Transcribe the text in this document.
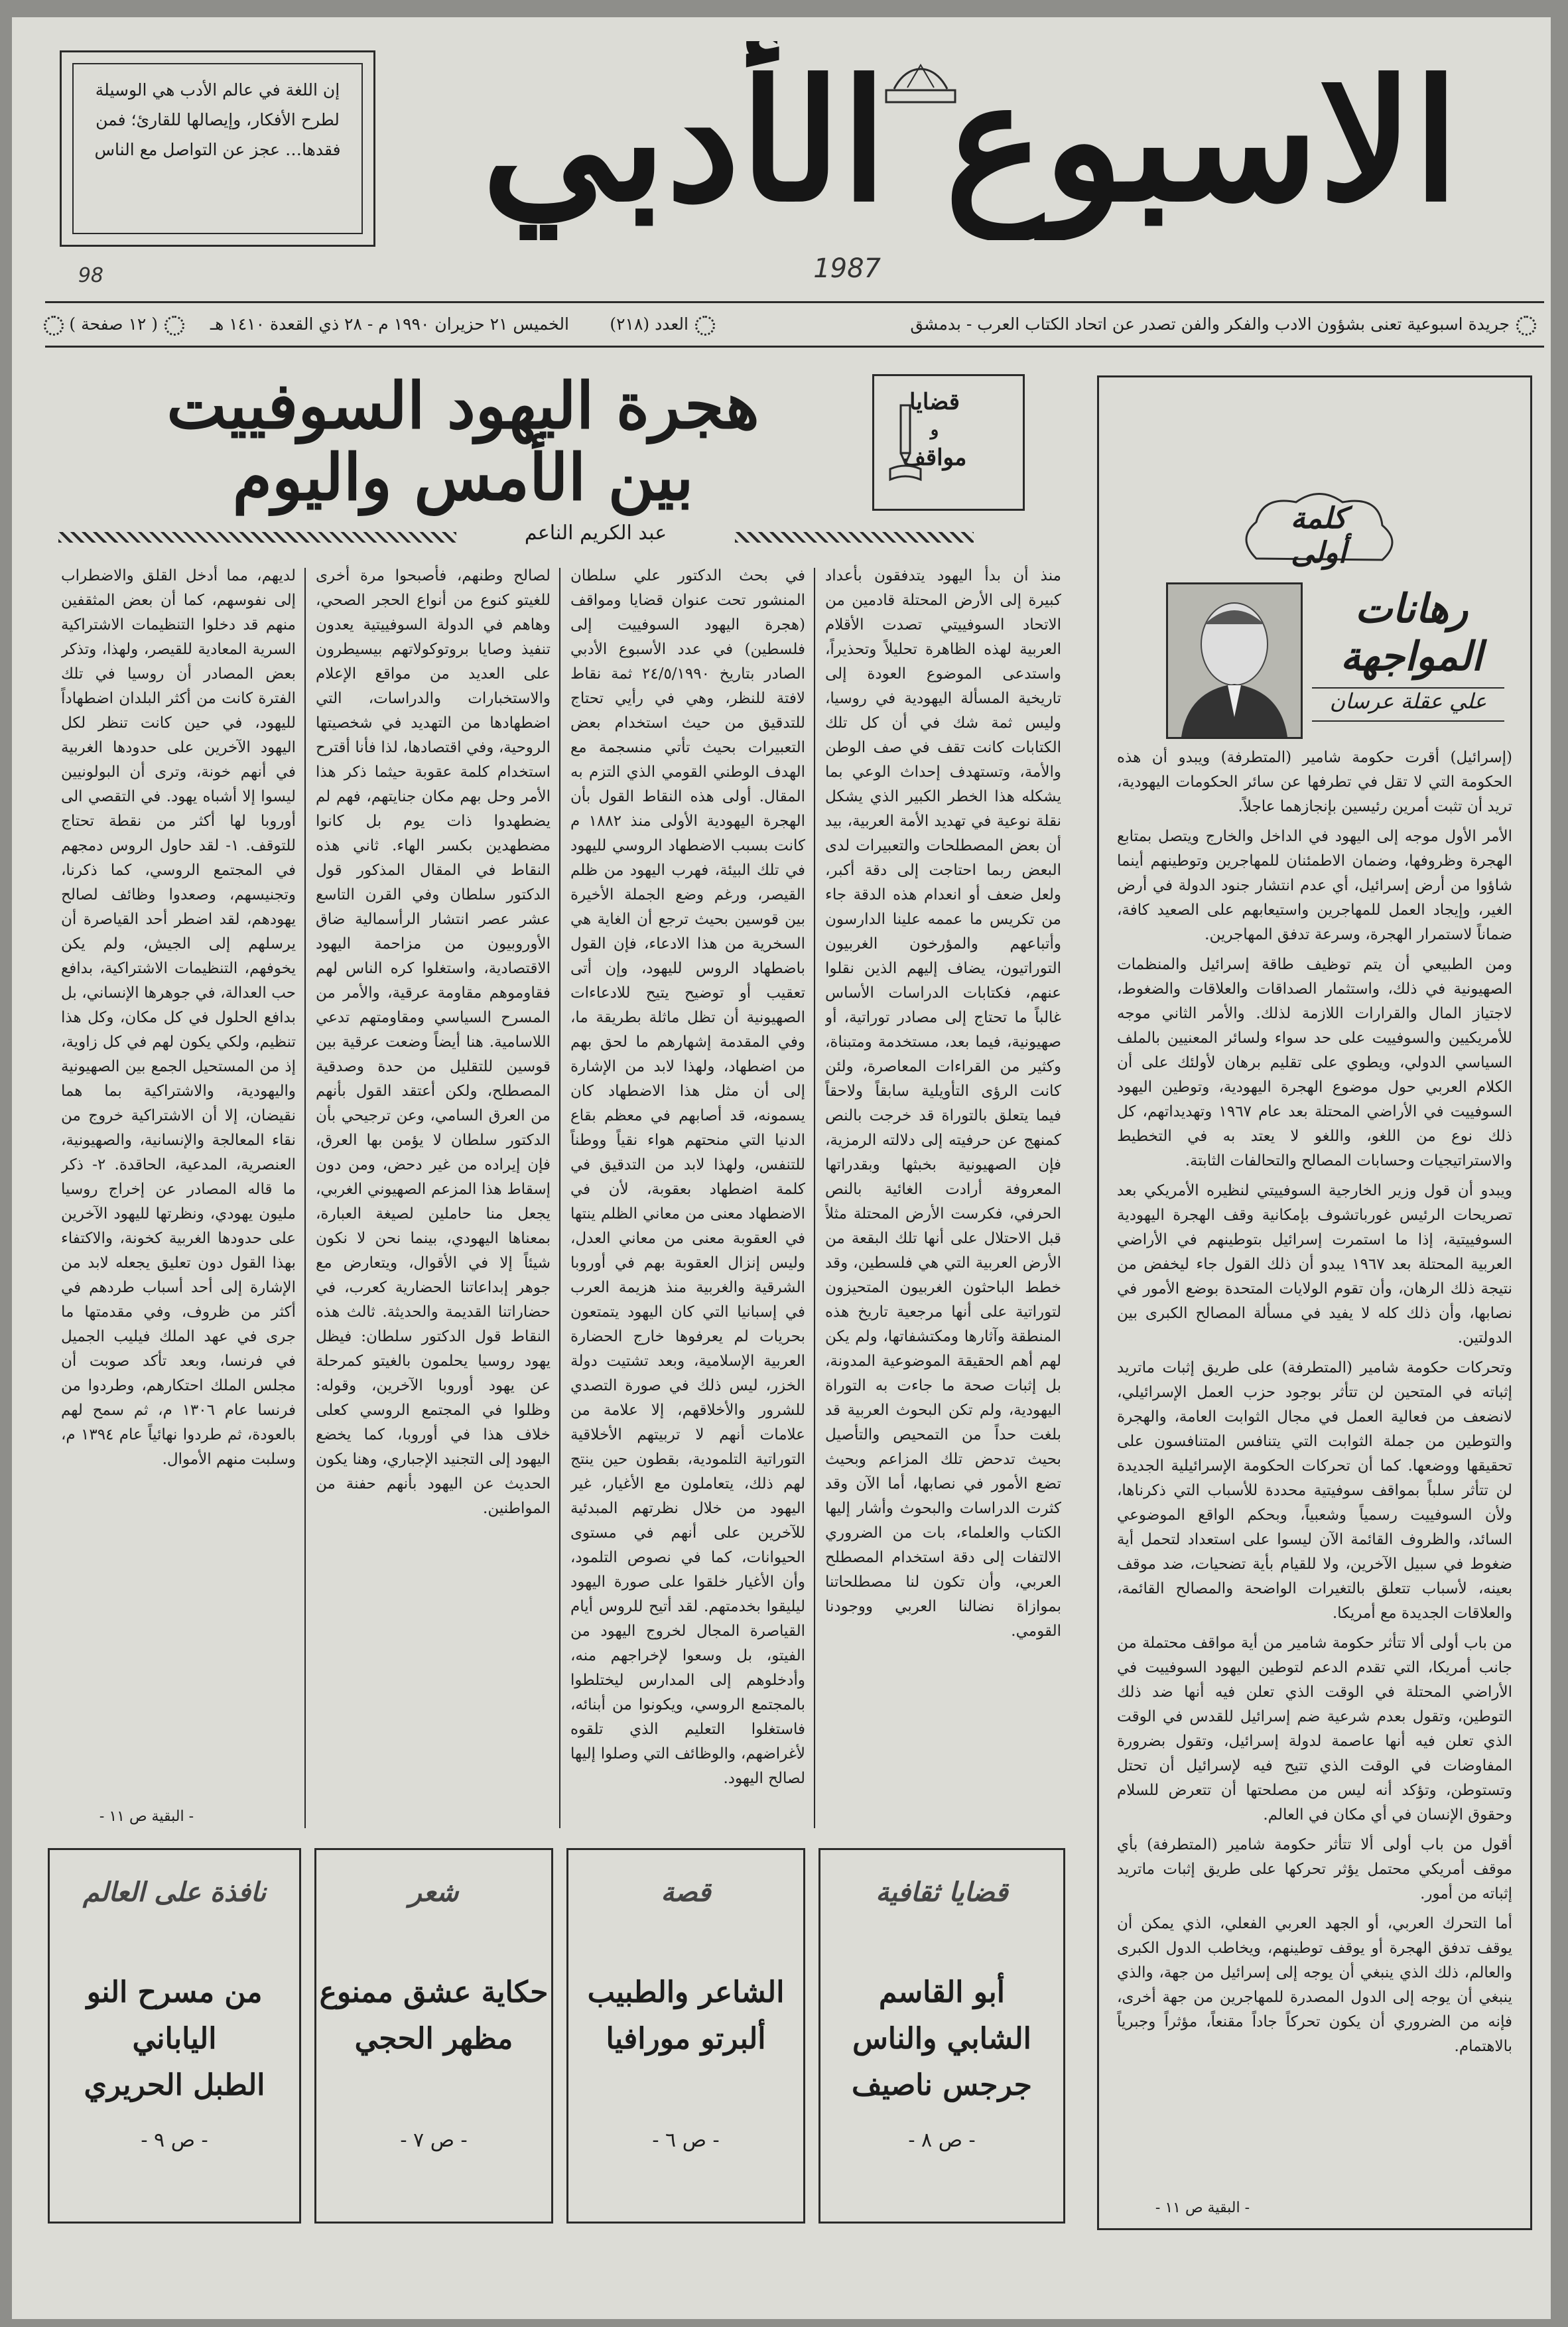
الاسبوع الأدبي
إن اللغة في عالم الأدب هي الوسيلة لطرح الأفكار، وإيصالها للقارئ؛ فمن فقدها… عجز عن التواصل مع الناس
1987
98
جريدة اسبوعية تعنى بشؤون الادب والفكر والفن تصدر عن اتحاد الكتاب العرب - بدمشق
العدد (٢١٨)
الخميس ٢١ حزيران ١٩٩٠ م - ٢٨ ذي القعدة ١٤١٠ هـ
( ١٢ صفحة )
قضايا
و
مواقف
هجرة اليهود السوفييت
بين الأمس واليوم
عبد الكريم الناعم
منذ أن بدأ اليهود يتدفقون بأعداد كبيرة إلى الأرض المحتلة قادمين من الاتحاد السوفييتي تصدت الأقلام العربية لهذه الظاهرة تحليلاً وتحذيراً، واستدعى الموضوع العودة إلى تاريخية المسألة اليهودية في روسيا، وليس ثمة شك في أن كل تلك الكتابات كانت تقف في صف الوطن والأمة، وتستهدف إحداث الوعي بما يشكله هذا الخطر الكبير الذي يشكل نقلة نوعية في تهديد الأمة العربية، بيد أن بعض المصطلحات والتعبيرات لدى البعض ربما احتاجت إلى دقة أكبر، ولعل ضعف أو انعدام هذه الدقة جاء من تكريس ما عممه علينا الدارسون وأتباعهم والمؤرخون الغربيون التوراتيون، يضاف إليهم الذين نقلوا عنهم، فكتابات الدراسات الأساس غالباً ما تحتاج إلى مصادر توراتية، أو صهيونية، فيما بعد، مستخدمة ومتبناة، وكثير من القراءات المعاصرة، ولئن كانت الرؤى التأويلية سابقاً ولاحقاً فيما يتعلق بالتوراة قد خرجت بالنص كمنهج عن حرفيته إلى دلالته الرمزية، فإن الصهيونية بخبثها وبقدراتها المعروفة أرادت الغائية بالنص الحرفي، فكرست الأرض المحتلة مثلاً قبل الاحتلال على أنها تلك البقعة من الأرض العربية التي هي فلسطين، وقد خطط الباحثون الغربيون المتحيزون لتوراتية على أنها مرجعية تاريخ هذه المنطقة وآثارها ومكتشفاتها، ولم يكن لهم أهم الحقيقة الموضوعية المدونة، بل إثبات صحة ما جاءت به التوراة اليهودية، ولم تكن البحوث العربية قد بلغت حداً من التمحيص والتأصيل بحيث تدحض تلك المزاعم وبحيث تضع الأمور في نصابها، أما الآن وقد كثرت الدراسات والبحوث وأشار إليها الكتاب والعلماء، بات من الضروري الالتفات إلى دقة استخدام المصطلح العربي، وأن تكون لنا مصطلحاتنا بموازاة نضالنا العربي ووجودنا القومي.
في بحث الدكتور علي سلطان المنشور تحت عنوان قضايا ومواقف (هجرة اليهود السوفييت إلى فلسطين) في عدد الأسبوع الأدبي الصادر بتاريخ ٢٤/٥/١٩٩٠ ثمة نقاط لافتة للنظر، وهي في رأيي تحتاج للتدقيق من حيث استخدام بعض التعبيرات بحيث تأتي منسجمة مع الهدف الوطني القومي الذي التزم به المقال. أولى هذه النقاط القول بأن الهجرة اليهودية الأولى منذ ١٨٨٢ م كانت بسبب الاضطهاد الروسي لليهود في تلك البيئة، فهرب اليهود من ظلم القيصر، ورغم وضع الجملة الأخيرة بين قوسين بحيث ترجع أن الغاية هي السخرية من هذا الادعاء، فإن القول باضطهاد الروس لليهود، وإن أتى تعقيب أو توضيح يتيح للادعاءات الصهيونية أن تظل ماثلة بطريقة ما، وفي المقدمة إشهارهم ما لحق بهم من اضطهاد، ولهذا لابد من الإشارة إلى أن مثل هذا الاضطهاد كان يسمونه، قد أصابهم في معظم بقاع الدنيا التي منحتهم هواء نقياً ووطناً للتنفس، ولهذا لابد من التدقيق في كلمة اضطهاد بعقوبة، لأن في الاضطهاد معنى من معاني الظلم ينتها في العقوبة معنى من معاني العدل، وليس إنزال العقوبة بهم في أوروبا الشرقية والغربية منذ هزيمة العرب في إسبانيا التي كان اليهود يتمتعون بحريات لم يعرفوها خارج الحضارة العربية الإسلامية، وبعد تشتيت دولة الخزر، ليس ذلك في صورة التصدي للشرور والأخلاقهم، إلا علامة من علامات أنهم لا تربيتهم الأخلاقية التوراتية التلمودية، بقطون حين ينتج لهم ذلك، يتعاملون مع الأغيار، غير اليهود من خلال نظرتهم المبدئية للآخرين على أنهم في مستوى الحيوانات، كما في نصوص التلمود، وأن الأغيار خلقوا على صورة اليهود ليليقوا بخدمتهم. لقد أتيح للروس أيام القياصرة المجال لخروج اليهود من الفيتو، بل وسعوا لإخراجهم منه، وأدخلوهم إلى المدارس ليختلطوا بالمجتمع الروسي، ويكونوا من أبنائه، فاستغلوا التعليم الذي تلقوه لأغراضهم، والوظائف التي وصلوا إليها لصالح اليهود.
لصالح وطنهم، فأصبحوا مرة أخرى للغيتو كنوع من أنواع الحجر الصحي، وهاهم في الدولة السوفييتية يعدون تنفيذ وصايا بروتوكولاتهم بيسيطرون على العديد من مواقع الإعلام والاستخبارات والدراسات، التي اضطهادها من التهديد في شخصيتها الروحية، وفي اقتصادها، لذا فأنا أقترح استخدام كلمة عقوبة حيثما ذكر هذا الأمر وحل بهم مكان جنايتهم، فهم لم يضطهدوا ذات يوم بل كانوا مضطهدين بكسر الهاء. ثاني هذه النقاط في المقال المذكور قول الدكتور سلطان وفي القرن التاسع عشر عصر انتشار الرأسمالية ضاق الأوروبيون من مزاحمة اليهود الاقتصادية، واستغلوا كره الناس لهم فقاوموهم مقاومة عرقية، والأمر من المسرح السياسي ومقاومتهم تدعي اللاسامية. هنا أيضاً وضعت عرقية بين قوسين للتقليل من حدة وصدقية المصطلح، ولكن أعتقد القول بأنهم من العرق السامي، وعن ترجيحي بأن الدكتور سلطان لا يؤمن بها العرق، فإن إيراده من غير دحض، ومن دون إسقاط هذا المزعم الصهيوني الغربي، يجعل منا حاملين لصيغة العبارة، بمعناها اليهودي، بينما نحن لا نكون شيئاً إلا في الأقوال، ويتعارض مع جوهر إبداعاتنا الحضارية كعرب، في حضاراتنا القديمة والحديثة. ثالث هذه النقاط قول الدكتور سلطان: فيظل يهود روسيا يحلمون بالغيتو كمرحلة عن يهود أوروبا الآخرين، وقوله: وظلوا في المجتمع الروسي كعلى خلاف هذا في أوروبا، كما يخضع اليهود إلى التجنيد الإجباري، وهنا يكون الحديث عن اليهود بأنهم حفنة من المواطنين.
لديهم، مما أدخل القلق والاضطراب إلى نفوسهم، كما أن بعض المثقفين منهم قد دخلوا التنظيمات الاشتراكية السرية المعادية للقيصر، ولهذا، وتذكر بعض المصادر أن روسيا في تلك الفترة كانت من أكثر البلدان اضطهاداً لليهود، في حين كانت تنظر لكل اليهود الآخرين على حدودها الغربية في أنهم خونة، وترى أن البولونيين ليسوا إلا أشباه يهود. في التقصي الى أوروبا لها أكثر من نقطة تحتاج للتوقف. ١- لقد حاول الروس دمجهم في المجتمع الروسي، كما ذكرنا، وتجنيسهم، وصعدوا وظائف لصالح يهودهم، لقد اضطر أحد القياصرة أن يرسلهم إلى الجيش، ولم يكن يخوفهم، التنظيمات الاشتراكية، بدافع حب العدالة، في جوهرها الإنساني، بل بدافع الحلول في كل مكان، وكل هذا تنظيم، ولكي يكون لهم في كل زاوية، إذ من المستحيل الجمع بين الصهيونية واليهودية، والاشتراكية بما هما نقيضان، إلا أن الاشتراكية خروج من نقاء المعالجة والإنسانية، والصهيونية، العنصرية، المدعية، الحاقدة. ٢- ذكر ما قاله المصادر عن إخراج روسيا مليون يهودي، ونظرتها لليهود الآخرين على حدودها الغربية كخونة، والاكتفاء بهذا القول دون تعليق يجعله لابد من الإشارة إلى أحد أسباب طردهم في أكثر من ظروف، وفي مقدمتها ما جرى في عهد الملك فيليب الجميل في فرنسا، وبعد تأكد صوبت أن مجلس الملك احتكارهم، وطردوا من فرنسا عام ١٣٠٦ م، ثم سمح لهم بالعودة، ثم طردوا نهائياً عام ١٣٩٤ م، وسلبت منهم الأموال.
- البقية ص ١١ -
قضايا ثقافية
أبو القاسم
الشابي والناس
جرجس ناصيف
- ص ٨ -
قصة
الشاعر والطبيب
ألبرتو مورافيا
- ص ٦ -
شعر
حكاية عشق ممنوع
مظهر الحجي
- ص ٧ -
نافذة على العالم
من مسرح النو الياباني
الطبل الحريري
- ص ٩ -
كلمة
أولى
رهانات
المواجهة
علي عقلة عرسان

(إسرائيل) أقرت حكومة شامير (المتطرفة) ويبدو أن هذه الحكومة التي لا تقل في تطرفها عن سائر الحكومات اليهودية، تريد أن تثبت أمرين رئيسين بإنجازهما عاجلاً.

الأمر الأول موجه إلى اليهود في الداخل والخارج ويتصل بمتابع الهجرة وظروفها، وضمان الاطمئنان للمهاجرين وتوطينهم أينما شاؤوا من أرض إسرائيل، أي عدم انتشار جنود الدولة في أرض الغير، وإيجاد العمل للمهاجرين واستيعابهم على الصعيد كافة، ضماناً لاستمرار الهجرة، وسرعة تدفق المهاجرين.

ومن الطبيعي أن يتم توظيف طاقة إسرائيل والمنظمات الصهيونية في ذلك، واستثمار الصداقات والعلاقات والضغوط، لاجتياز المال والقرارات اللازمة لذلك. والأمر الثاني موجه للأمريكيين والسوفييت على حد سواء ولسائر المعنيين بالملف السياسي الدولي، ويطوي على تقليم برهان لأولئك على أن الكلام العربي حول موضوع الهجرة اليهودية، وتوطين اليهود السوفييت في الأراضي المحتلة بعد عام ١٩٦٧ وتهديداتهم، كل ذلك نوع من اللغو، واللغو لا يعتد به في التخطيط والاستراتيجيات وحسابات المصالح والتحالفات الثابتة.

ويبدو أن قول وزير الخارجية السوفييتي لنظيره الأمريكي بعد تصريحات الرئيس غورباتشوف بإمكانية وقف الهجرة اليهودية السوفييتية، إذا ما استمرت إسرائيل بتوطينهم في الأراضي العربية المحتلة بعد ١٩٦٧ يبدو أن ذلك القول جاء ليخفض من نتيجة ذلك الرهان، وأن تقوم الولايات المتحدة بوضع الأمور في نصابها، وأن ذلك كله لا يفيد في مسألة المصالح الكبرى بين الدولتين.

وتحركات حكومة شامير (المتطرفة) على طريق إثبات ماتريد إثباته في المتحين لن تتأثر بوجود حزب العمل الإسرائيلي، لانضعف من فعالية العمل في مجال الثوابت العامة، والهجرة والتوطين من جملة الثوابت التي يتنافس المتنافسون على تحقيقها ووضعها. كما أن تحركات الحكومة الإسرائيلية الجديدة لن تتأثر سلباً بمواقف سوفيتية محددة للأسباب التي ذكرناها، ولأن السوفييت رسمياً وشعبياً، وبحكم الواقع الموضوعي السائد، والظروف القائمة الآن ليسوا على استعداد لتحمل أية ضغوط في سبيل الآخرين، ولا للقيام بأية تضحيات، ضد موقف بعينه، لأسباب تتعلق بالتغيرات الواضحة والمصالح القائمة، والعلاقات الجديدة مع أمريكا.

من باب أولى ألا تتأثر حكومة شامير من أية مواقف محتملة من جانب أمريكا، التي تقدم الدعم لتوطين اليهود السوفييت في الأراضي المحتلة في الوقت الذي تعلن فيه أنها ضد ذلك التوطين، وتقول بعدم شرعية ضم إسرائيل للقدس في الوقت الذي تعلن فيه أنها عاصمة لدولة إسرائيل، وتقول بضرورة المفاوضات في الوقت الذي تتيح فيه لإسرائيل أن تحتل وتستوطن، وتؤكد أنه ليس من مصلحتها أن تتعرض للسلام وحقوق الإنسان في أي مكان في العالم.

أقول من باب أولى ألا تتأثر حكومة شامير (المتطرفة) بأي موقف أمريكي محتمل يؤثر تحركها على طريق إثبات ماتريد إثباته من أمور.

أما التحرك العربي، أو الجهد العربي الفعلي، الذي يمكن أن يوقف تدفق الهجرة أو يوقف توطينهم، ويخاطب الدول الكبرى والعالم، ذلك الذي ينبغي أن يوجه إلى إسرائيل من جهة، والذي ينبغي أن يوجه إلى الدول المصدرة للمهاجرين من جهة أخرى، فإنه من الضروري أن يكون تحركاً جاداً مقنعاً، مؤثراً وجبرياً بالاهتمام.

- البقية ص ١١ -
